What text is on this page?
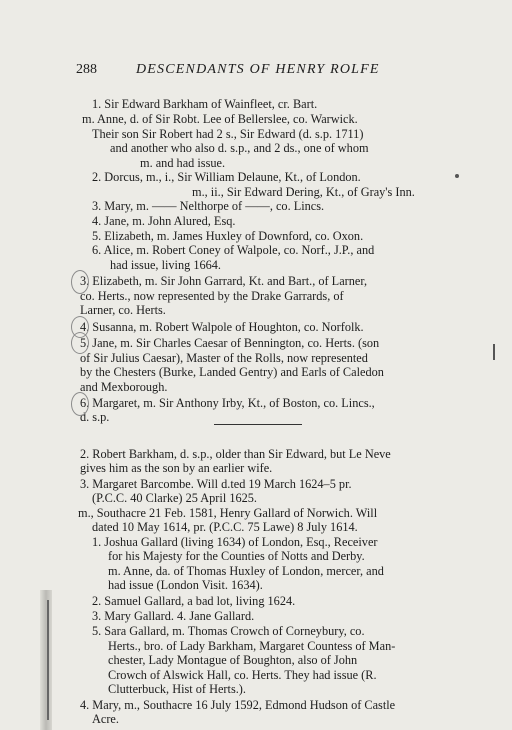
288	DESCENDANTS OF HENRY ROLFE
1. Sir Edward Barkham of Wainfleet, cr. Bart.
m. Anne, d. of Sir Robt. Lee of Bellerslee, co. Warwick.
Their son Sir Robert had 2 s., Sir Edward (d. s.p. 1711)
and another who also d. s.p., and 2 ds., one of whom
m. and had issue.
2. Dorcus, m., i., Sir William Delaune, Kt., of London.
m., ii., Sir Edward Dering, Kt., of Gray's Inn.
3. Mary, m. —— Nelthorpe of ——, co. Lincs.
4. Jane, m. John Alured, Esq.
5. Elizabeth, m. James Huxley of Downford, co. Oxon.
6. Alice, m. Robert Coney of Walpole, co. Norf., J.P., and
had issue, living 1664.
3. Elizabeth, m. Sir John Garrard, Kt. and Bart., of Larner,
co. Herts., now represented by the Drake Garrards, of
Larner, co. Herts.
4. Susanna, m. Robert Walpole of Houghton, co. Norfolk.
5. Jane, m. Sir Charles Caesar of Bennington, co. Herts. (son
of Sir Julius Caesar), Master of the Rolls, now represented
by the Chesters (Burke, Landed Gentry) and Earls of Caledon
and Mexborough.
6. Margaret, m. Sir Anthony Irby, Kt., of Boston, co. Lincs.,
d. s.p.
2. Robert Barkham, d. s.p., older than Sir Edward, but Le Neve
gives him as the son by an earlier wife.
3. Margaret Barcombe. Will d.ted 19 March 1624–5 pr.
(P.C.C. 40 Clarke) 25 April 1625.
m., Southacre 21 Feb. 1581, Henry Gallard of Norwich. Will
dated 10 May 1614, pr. (P.C.C. 75 Lawe) 8 July 1614.
1. Joshua Gallard (living 1634) of London, Esq., Receiver
for his Majesty for the Counties of Notts and Derby.
m. Anne, da. of Thomas Huxley of London, mercer, and
had issue (London Visit. 1634).
2. Samuel Gallard, a bad lot, living 1624.
3. Mary Gallard. 4. Jane Gallard.
5. Sara Gallard, m. Thomas Crowch of Corneybury, co.
Herts., bro. of Lady Barkham, Margaret Countess of Man-
chester, Lady Montague of Boughton, also of John
Crowch of Alswick Hall, co. Herts. They had issue (R.
Clutterbuck, Hist of Herts.).
4. Mary, m., Southacre 16 July 1592, Edmond Hudson of Castle
Acre.
